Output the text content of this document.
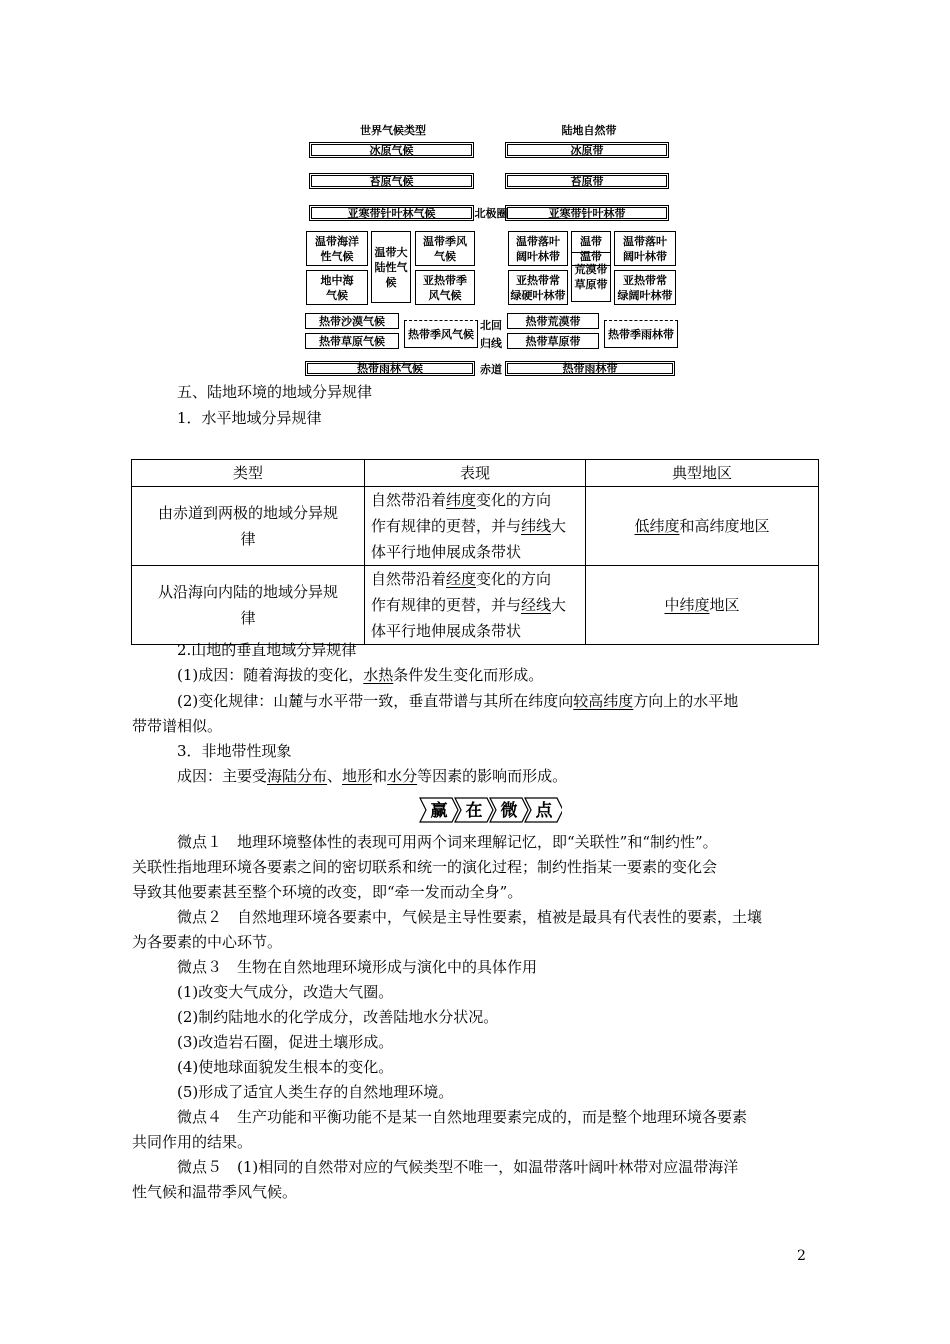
世界气候类型	陆地自然带
冰原气候
苔原气候
亚寒带针叶林气候
温带海洋
性气候 温带大
陆性气
候
温带季风
气候
地中海
气候
亚热带季
风气候
热带沙漠气候
热带草原气候
热带季风气候
热带雨林气候
北极圈
北回
归线
赤道
冰原带
苔原带
亚寒带针叶林带
温带落叶
阔叶林带
温带
温带
荒漠带
草原带
温带落叶
阔叶林带
亚热带常
绿硬叶林带
亚热带常
绿阔叶林带
热带荒漠带
热带草原带
热带季雨林带
热带雨林带
五、陆地环境的地域分异规律
1．水平地域分异规律
类型	表现	典型地区
由赤道到两极的地域分异规
律	自然带沿着纬度变化的方向
作有规律的更替，并与纬线大
体平行地伸展成条带状	低纬度和高纬度地区
从沿海向内陆的地域分异规
律	自然带沿着经度变化的方向
作有规律的更替，并与经线大
体平行地伸展成条带状	中纬度地区
2.山地的垂直地域分异规律
(1)成因：随着海拔的变化，水热条件发生变化而形成。
(2)变化规律：山麓与水平带一致，垂直带谱与其所在纬度向较高纬度方向上的水平地
带带谱相似。
3．非地带性现象
成因：主要受海陆分布、地形和水分等因素的影响而形成。
赢 在 微 点
微点１　地理环境整体性的表现可用两个词来理解记忆，即“关联性”和“制约性”。
关联性指地理环境各要素之间的密切联系和统一的演化过程；制约性指某一要素的变化会
导致其他要素甚至整个环境的改变，即“牵一发而动全身”。
微点２　自然地理环境各要素中，气候是主导性要素，植被是最具有代表性的要素，土壤
为各要素的中心环节。
微点３　生物在自然地理环境形成与演化中的具体作用
(1)改变大气成分，改造大气圈。
(2)制约陆地水的化学成分，改善陆地水分状况。
(3)改造岩石圈，促进土壤形成。
(4)使地球面貌发生根本的变化。
(5)形成了适宜人类生存的自然地理环境。
微点４　生产功能和平衡功能不是某一自然地理要素完成的，而是整个地理环境各要素
共同作用的结果。
微点５　(1)相同的自然带对应的气候类型不唯一，如温带落叶阔叶林带对应温带海洋
性气候和温带季风气候。
2
